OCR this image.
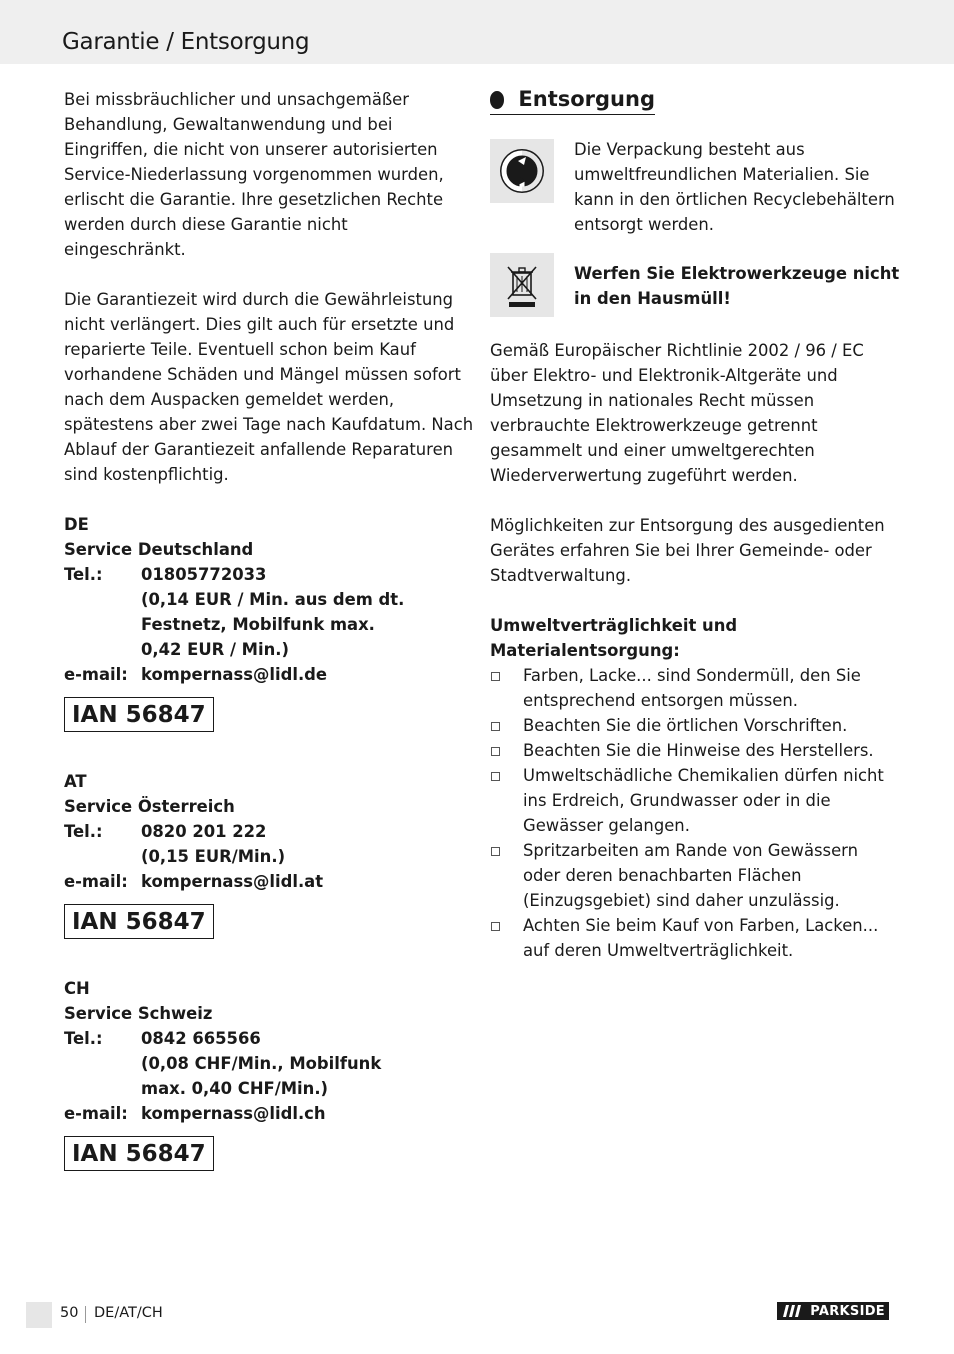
Garantie / Entsorgung

Bei missbräuchlicher und unsachgemäßer Behandlung, Gewaltanwendung und bei Eingriffen, die nicht von unserer autorisierten Service-Niederlassung vorgenommen wurden, erlischt die Garantie. Ihre gesetzlichen Rechte werden durch diese Garantie nicht eingeschränkt.

Die Garantiezeit wird durch die Gewährleistung nicht verlängert. Dies gilt auch für ersetzte und reparierte Teile. Eventuell schon beim Kauf vorhandene Schäden und Mängel müssen sofort nach dem Auspacken gemeldet werden, spätestens aber zwei Tage nach Kaufdatum. Nach Ablauf der Garantiezeit anfallende Reparaturen sind kostenpflichtig.

DE
Service Deutschland
Tel.:	01805772033
(0,14 EUR / Min. aus dem dt. Festnetz, Mobilfunk max. 0,42 EUR / Min.)

e-mail:	kompernass@lidl.de
IAN 56847
AT
Service Österreich
Tel.:	0820 201 222
(0,15 EUR/Min.)

e-mail:	kompernass@lidl.at
IAN 56847
CH
Service Schweiz
Tel.:	0842 665566
(0,08 CHF/Min., Mobilfunk max. 0,40 CHF/Min.)

e-mail:	kompernass@lidl.ch
IAN 56847
Entsorgung
Die Verpackung besteht aus umweltfreundlichen Materialien. Sie kann in den örtlichen Recyclebehältern entsorgt werden.
Werfen Sie Elektrowerkzeuge nicht in den Hausmüll!

Gemäß Europäischer Richtlinie 2002 / 96 / EC über Elektro- und Elektronik-Altgeräte und Umsetzung in nationales Recht müssen verbrauchte Elektrowerkzeuge getrennt gesammelt und einer umweltgerechten Wiederverwertung zugeführt werden.

Möglichkeiten zur Entsorgung des ausgedienten Gerätes erfahren Sie bei Ihrer Gemeinde- oder Stadtverwaltung.

Umweltverträglichkeit und Materialentsorgung:
Farben, Lacke... sind Sondermüll, den Sie entsprechend entsorgen müssen.
Beachten Sie die örtlichen Vorschriften.
Beachten Sie die Hinweise des Herstellers.
Umweltschädliche Chemikalien dürfen nicht ins Erdreich, Grundwasser oder in die Gewässer gelangen.
Spritzarbeiten am Rande von Gewässern oder deren benachbarten Flächen (Einzugsgebiet) sind daher unzulässig.
Achten Sie beim Kauf von Farben, Lacken... auf deren Umweltverträglichkeit.
50 DE/AT/CH	PARKSIDE
